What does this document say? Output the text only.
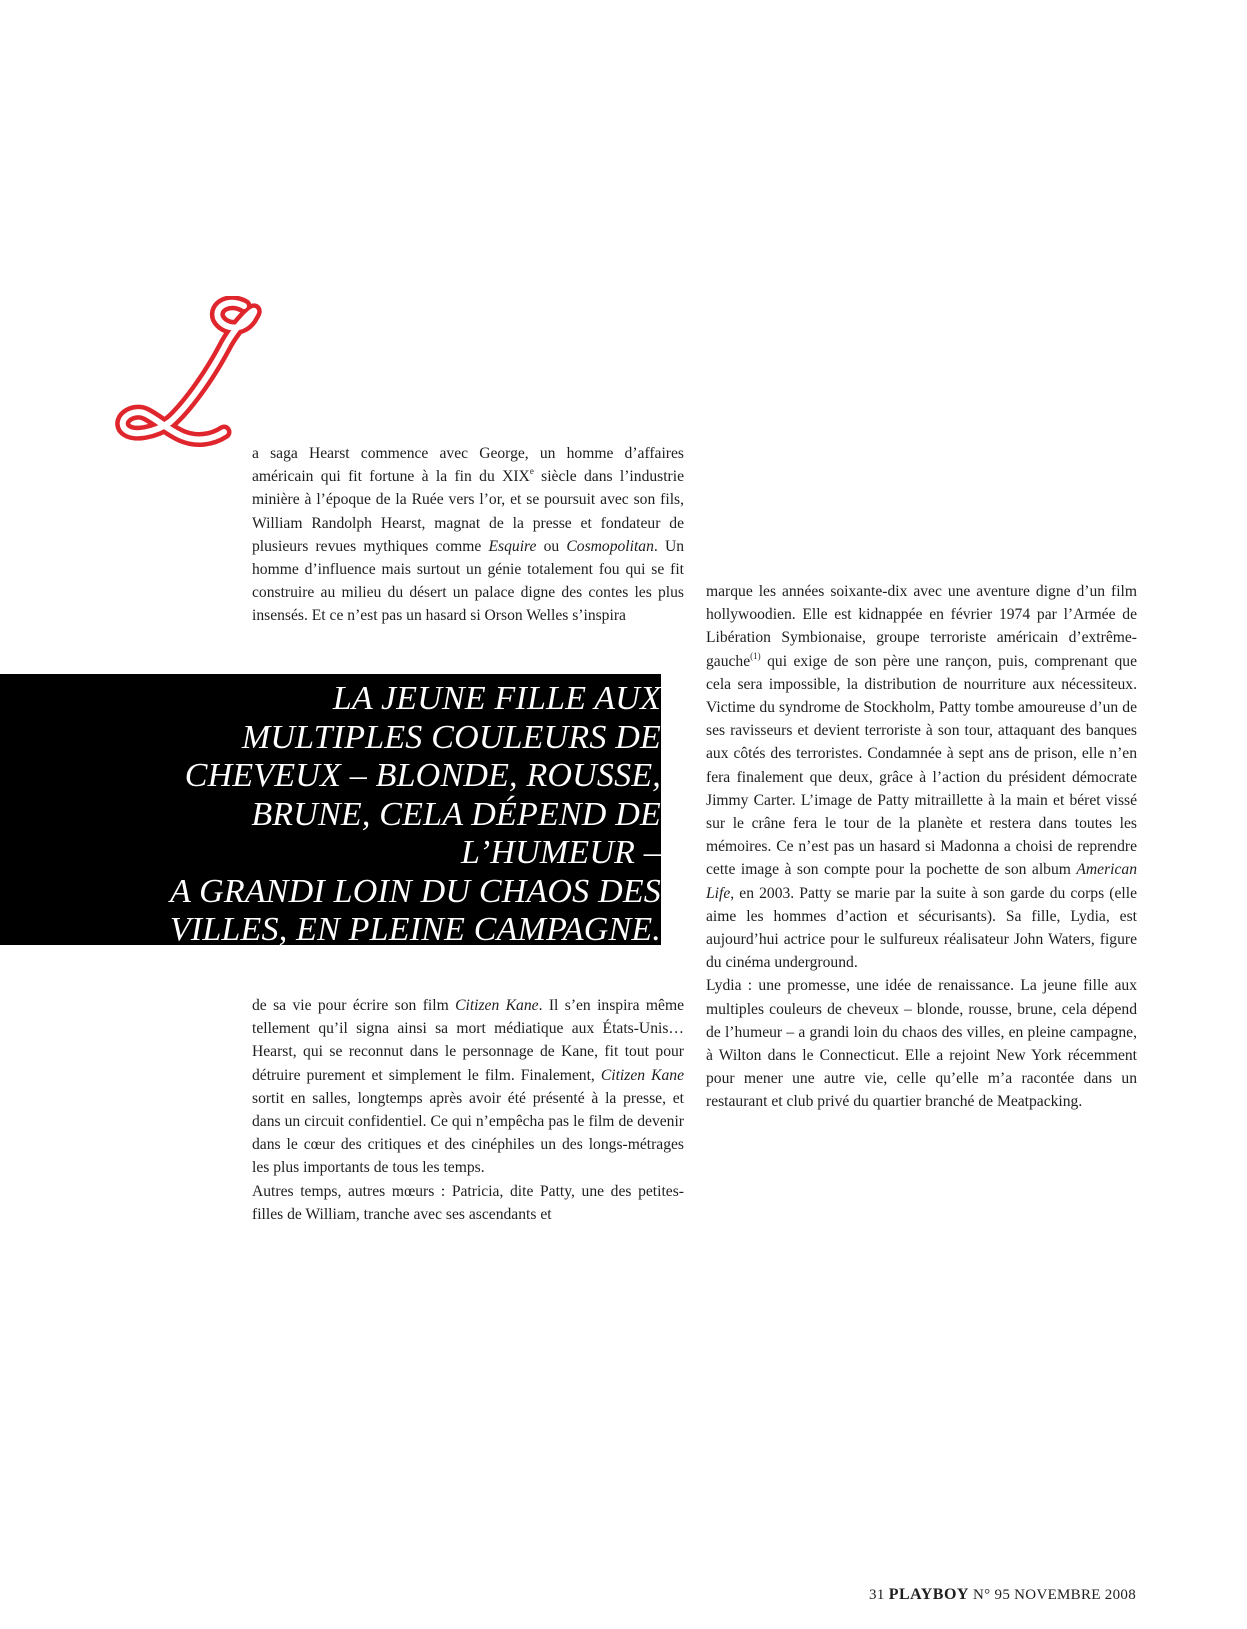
a saga Hearst commence avec George, un homme d’affaires américain qui fit fortune à la fin du XIXe siècle dans l’industrie minière à l’époque de la Ruée vers l’or, et se poursuit avec son fils, William Randolph Hearst, magnat de la presse et fondateur de plusieurs revues mythiques comme Esquire ou Cosmopolitan. Un homme d’influence mais surtout un génie totalement fou qui se fit construire au milieu du désert un palace digne des contes les plus insensés. Et ce n’est pas un hasard si Orson Welles s’inspira

LA JEUNE FILLE AUX
MULTIPLES COULEURS DE
CHEVEUX – BLONDE, ROUSSE,
BRUNE, CELA DÉPEND DE
L’HUMEUR –
A GRANDI LOIN DU CHAOS DES
VILLES, EN PLEINE CAMPAGNE.

de sa vie pour écrire son film Citizen Kane. Il s’en inspira même tellement qu’il signa ainsi sa mort médiatique aux États-Unis… Hearst, qui se reconnut dans le personnage de Kane, fit tout pour détruire purement et simplement le film. Finalement, Citizen Kane sortit en salles, longtemps après avoir été présenté à la presse, et dans un circuit confidentiel. Ce qui n’empêcha pas le film de devenir dans le cœur des critiques et des cinéphiles un des longs-métrages les plus importants de tous les temps.

Autres temps, autres mœurs : Patricia, dite Patty, une des petites-filles de William, tranche avec ses ascendants et

marque les années soixante-dix avec une aventure digne d’un film hollywoodien. Elle est kidnappée en février 1974 par l’Armée de Libération Symbionaise, groupe terroriste américain d’extrême-gauche$^{(1)}$ qui exige de son père une rançon, puis, comprenant que cela sera impossible, la distribution de nourriture aux nécessiteux. Victime du syndrome de Stockholm, Patty tombe amoureuse d’un de ses ravisseurs et devient terroriste à son tour, attaquant des banques aux côtés des terroristes. Condamnée à sept ans de prison, elle n’en fera finalement que deux, grâce à l’action du président démocrate Jimmy Carter. L’image de Patty mitraillette à la main et béret vissé sur le crâne fera le tour de la planète et restera dans toutes les mémoires. Ce n’est pas un hasard si Madonna a choisi de reprendre cette image à son compte pour la pochette de son album American Life, en 2003. Patty se marie par la suite à son garde du corps (elle aime les hommes d’action et sécurisants). Sa fille, Lydia, est aujourd’hui actrice pour le sulfureux réalisateur John Waters, figure du cinéma underground.

Lydia : une promesse, une idée de renaissance. La jeune fille aux multiples couleurs de cheveux – blonde, rousse, brune, cela dépend de l’humeur – a grandi loin du chaos des villes, en pleine campagne, à Wilton dans le Connecticut. Elle a rejoint New York récemment pour mener une autre vie, celle qu’elle m’a racontée dans un restaurant et club privé du quartier branché de Meatpacking.

31 PLAYBOY N° 95 NOVEMBRE 2008
